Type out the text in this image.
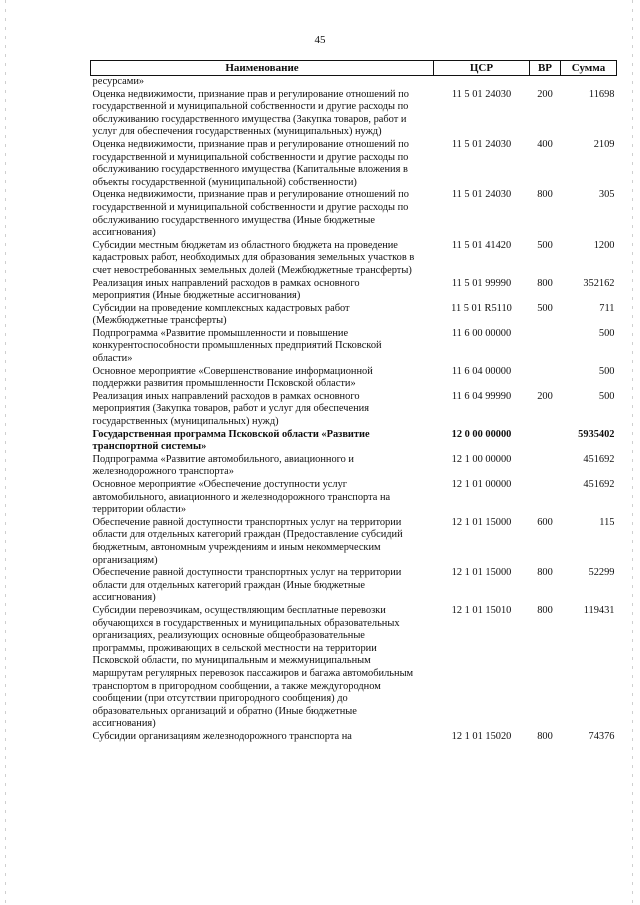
45
Наименование	ЦСР	ВР	Сумма
ресурсами»			
Оценка недвижимости, признание прав и регулирование отношений по государственной и муниципальной собственности и другие расходы по обслуживанию государственного имущества (Закупка товаров, работ и услуг для обеспечения государственных (муниципальных) нужд)	11 5 01 24030	200	11698
Оценка недвижимости, признание прав и регулирование отношений по государственной и муниципальной собственности и другие расходы по обслуживанию государственного имущества (Капитальные вложения в объекты государственной (муниципальной) собственности)	11 5 01 24030	400	2109
Оценка недвижимости, признание прав и регулирование отношений по государственной и муниципальной собственности и другие расходы по обслуживанию государственного имущества (Иные бюджетные ассигнования)	11 5 01 24030	800	305
Субсидии местным бюджетам из областного бюджета на проведение кадастровых работ, необходимых для образования земельных участков в счет невостребованных земельных долей (Межбюджетные трансферты)	11 5 01 41420	500	1200
Реализация иных направлений расходов в рамках основного мероприятия (Иные бюджетные ассигнования)	11 5 01 99990	800	352162
Субсидии на проведение комплексных кадастровых работ (Межбюджетные трансферты)	11 5 01 R5110	500	711
Подпрограмма «Развитие промышленности и повышение конкурентоспособности промышленных предприятий Псковской области»	11 6 00 00000		500
Основное мероприятие «Совершенствование информационной поддержки развития промышленности Псковской области»	11 6 04 00000		500
Реализация иных направлений расходов в рамках основного мероприятия (Закупка товаров, работ и услуг для обеспечения государственных (муниципальных) нужд)	11 6 04 99990	200	500
Государственная программа Псковской области «Развитие транспортной системы»	12 0 00 00000		5935402
Подпрограмма «Развитие автомобильного, авиационного и железнодорожного транспорта»	12 1 00 00000		451692
Основное мероприятие «Обеспечение доступности услуг автомобильного, авиационного и железнодорожного транспорта на территории области»	12 1 01 00000		451692
Обеспечение равной доступности транспортных услуг на территории области для отдельных категорий граждан (Предоставление субсидий бюджетным, автономным учреждениям и иным некоммерческим организациям)	12 1 01 15000	600	115
Обеспечение равной доступности транспортных услуг на территории области для отдельных категорий граждан (Иные бюджетные ассигнования)	12 1 01 15000	800	52299
Субсидии перевозчикам, осуществляющим бесплатные перевозки обучающихся в государственных и муниципальных образовательных организациях, реализующих основные общеобразовательные программы, проживающих в сельской местности на территории Псковской области, по муниципальным и межмуниципальным маршрутам регулярных перевозок пассажиров и багажа автомобильным транспортом в пригородном сообщении, а также междугородном сообщении (при отсутствии пригородного сообщения) до образовательных организаций и обратно (Иные бюджетные ассигнования)	12 1 01 15010	800	119431
Субсидии организациям железнодорожного транспорта на	12 1 01 15020	800	74376
